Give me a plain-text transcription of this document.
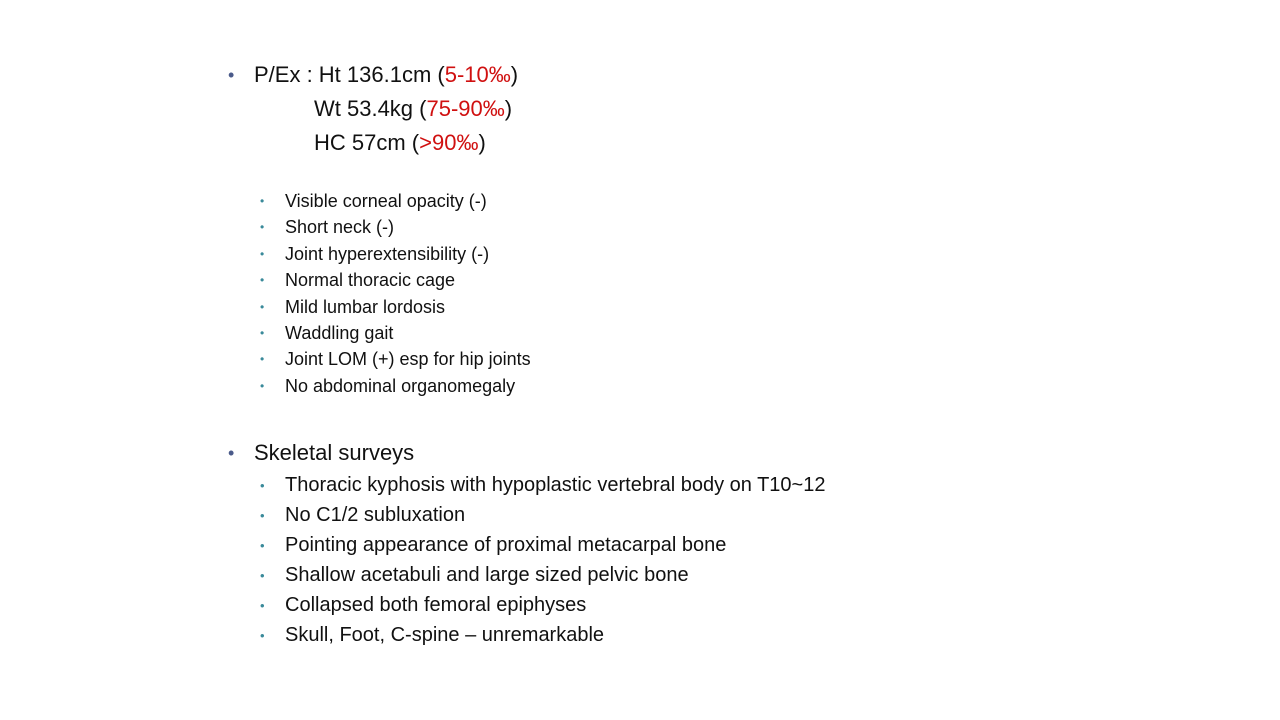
• P/Ex : Ht 136.1cm (5-10‰)
Wt 53.4kg (75-90‰)
HC 57cm (>90‰)
• Visible corneal opacity (-)
• Short neck (-)
• Joint hyperextensibility (-)
• Normal thoracic cage
• Mild lumbar lordosis
• Waddling gait
• Joint LOM (+) esp for hip joints
• No abdominal organomegaly
• Skeletal surveys
• Thoracic kyphosis with hypoplastic vertebral body on T10~12
• No C1/2 subluxation
• Pointing appearance of proximal metacarpal bone
• Shallow acetabuli and large sized pelvic bone
• Collapsed both femoral epiphyses
• Skull, Foot, C-spine – unremarkable
